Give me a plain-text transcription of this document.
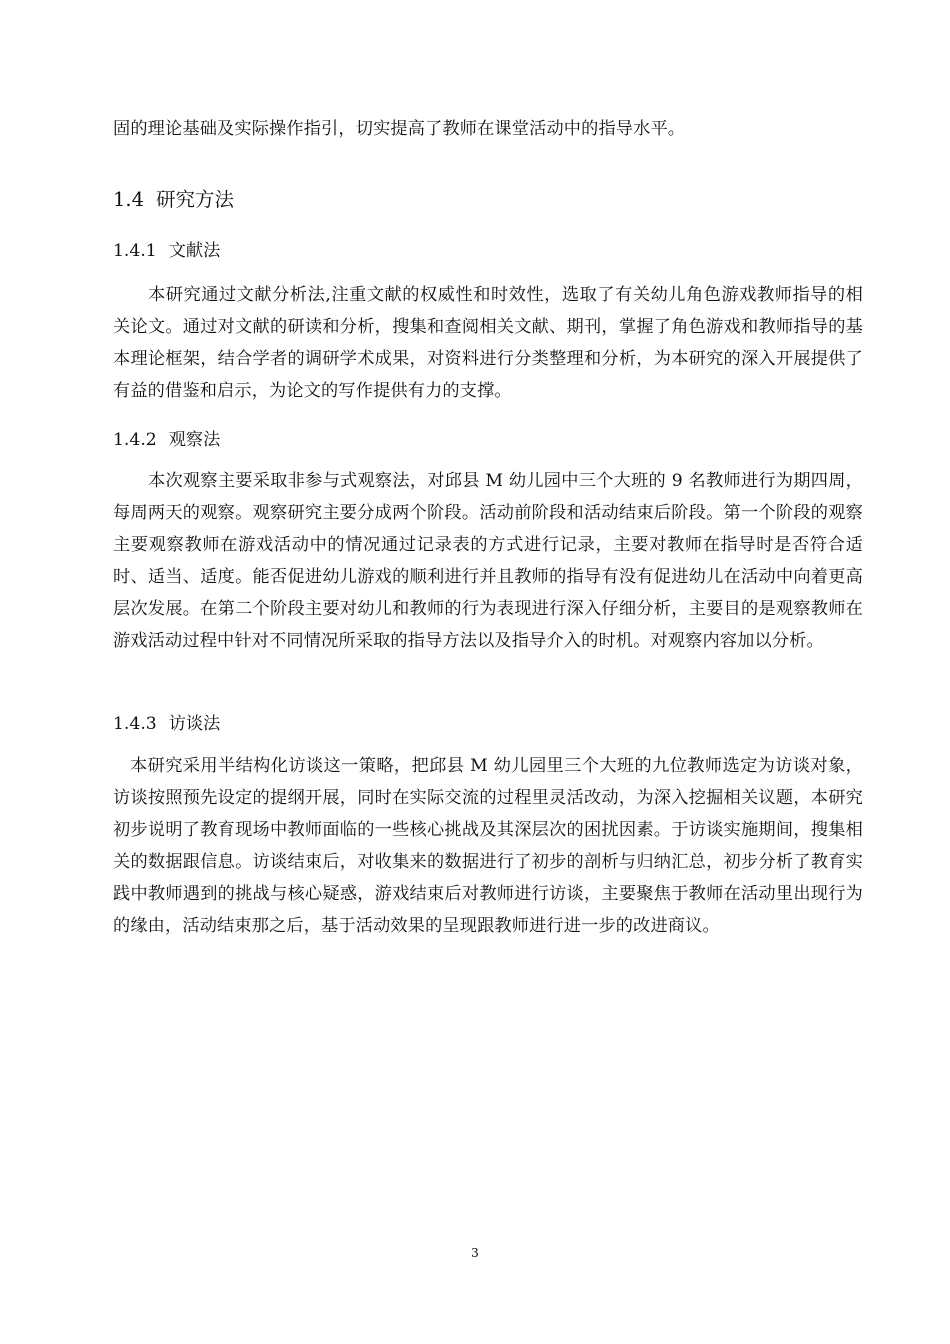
固的理论基础及实际操作指引，切实提高了教师在课堂活动中的指导水平。

1.4 研究方法
1.4.1 文献法

本研究通过文献分析法,注重文献的权威性和时效性，选取了有关幼儿角色游戏教师指导的相关论文。通过对文献的研读和分析，搜集和查阅相关文献、期刊，掌握了角色游戏和教师指导的基本理论框架，结合学者的调研学术成果，对资料进行分类整理和分析，为本研究的深入开展提供了有益的借鉴和启示，为论文的写作提供有力的支撑。

1.4.2 观察法

本次观察主要采取非参与式观察法，对邱县 M 幼儿园中三个大班的 9 名教师进行为期四周，每周两天的观察。观察研究主要分成两个阶段。活动前阶段和活动结束后阶段。第一个阶段的观察主要观察教师在游戏活动中的情况通过记录表的方式进行记录，主要对教师在指导时是否符合适时、适当、适度。能否促进幼儿游戏的顺利进行并且教师的指导有没有促进幼儿在活动中向着更高层次发展。在第二个阶段主要对幼儿和教师的行为表现进行深入仔细分析，主要目的是观察教师在游戏活动过程中针对不同情况所采取的指导方法以及指导介入的时机。对观察内容加以分析。

1.4.3 访谈法

本研究采用半结构化访谈这一策略，把邱县 M 幼儿园里三个大班的九位教师选定为访谈对象，访谈按照预先设定的提纲开展，同时在实际交流的过程里灵活改动，为深入挖掘相关议题，本研究初步说明了教育现场中教师面临的一些核心挑战及其深层次的困扰因素。于访谈实施期间，搜集相关的数据跟信息。访谈结束后，对收集来的数据进行了初步的剖析与归纳汇总，初步分析了教育实践中教师遇到的挑战与核心疑惑，游戏结束后对教师进行访谈，主要聚焦于教师在活动里出现行为的缘由，活动结束那之后，基于活动效果的呈现跟教师进行进一步的改进商议。

3
